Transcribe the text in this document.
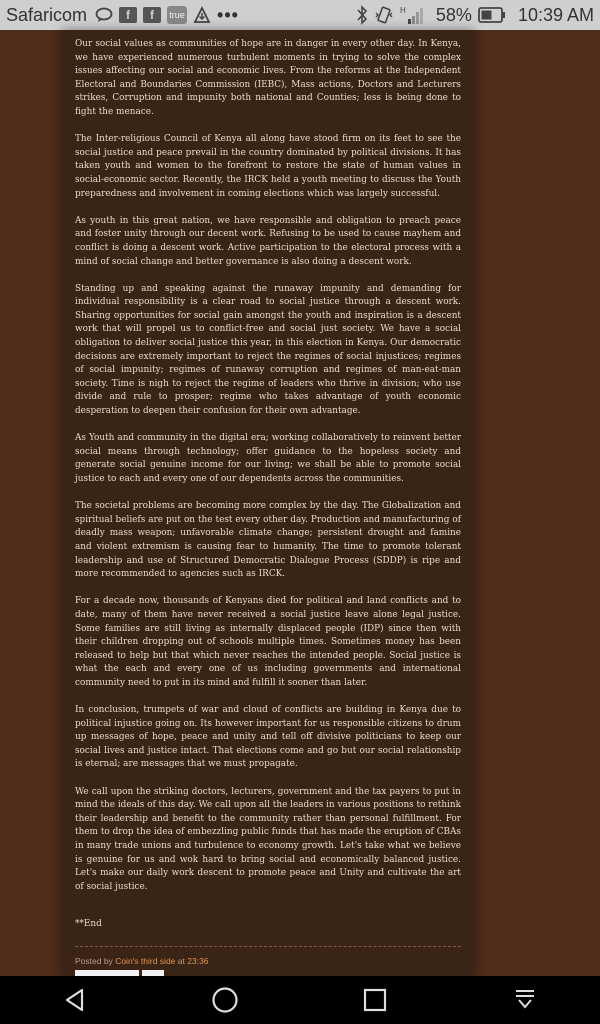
Safaricom	f	f	true •••	H 58%	10:39 AM

Our social values as communities of hope are in danger in every other day. In Kenya, we have experienced numerous turbulent moments in trying to solve the complex issues affecting our social and economic lives. From the reforms at the Independent Electoral and Boundaries Commission (IEBC), Mass actions, Doctors and Lecturers strikes, Corruption and impunity both national and Counties; less is being done to fight the menace.

The Inter-religious Council of Kenya all along have stood firm on its feet to see the social justice and peace prevail in the country dominated by political divisions. It has taken youth and women to the forefront to restore the state of human values in social-economic sector. Recently, the IRCK held a youth meeting to discuss the Youth preparedness and involvement in coming elections which was largely successful.

As youth in this great nation, we have responsible and obligation to preach peace and foster unity through our decent work. Refusing to be used to cause mayhem and conflict is doing a descent work. Active participation to the electoral process with a mind of social change and better governance is also doing a descent work.

Standing up and speaking against the runaway impunity and demanding for individual responsibility is a clear road to social justice through a descent work. Sharing opportunities for social gain amongst the youth and inspiration is a descent work that will propel us to conflict-free and social just society. We have a social obligation to deliver social justice this year, in this election in Kenya. Our democratic decisions are extremely important to reject the regimes of social injustices; regimes of social impunity; regimes of runaway corruption and regimes of man-eat-man society. Time is nigh to reject the regime of leaders who thrive in division; who use divide and rule to prosper; regime who takes advantage of youth economic desperation to deepen their confusion for their own advantage.

As Youth and community in the digital era; working collaboratively to reinvent better social means through technology; offer guidance to the hopeless society and generate social genuine income for our living; we shall be able to promote social justice to each and every one of our dependents across the communities.

The societal problems are becoming more complex by the day. The Globalization and spiritual beliefs are put on the test every other day. Production and manufacturing of deadly mass weapon; unfavorable climate change; persistent drought and famine and violent extremism is causing fear to humanity. The time to promote tolerant leadership and use of Structured Democratic Dialogue Process (SDDP) is ripe and more recommended to agencies such as IRCK.

For a decade now, thousands of Kenyans died for political and land conflicts and to date, many of them have never received a social justice leave alone legal justice. Some families are still living as internally displaced people (IDP) since then with their children dropping out of schools multiple times. Sometimes money has been released to help but that which never reaches the intended people. Social justice is what the each and every one of us including governments and international community need to put in its mind and fulfill it sooner than later.

In conclusion, trumpets of war and cloud of conflicts are building in Kenya due to political injustice going on. Its however important for us responsible citizens to drum up messages of hope, peace and unity and tell off divisive politicians to keep our social lives and justice intact. That elections come and go but our social relationship is eternal; are messages that we must propagate.

We call upon the striking doctors, lecturers, government and the tax payers to put in mind the ideals of this day. We call upon all the leaders in various positions to rethink their leadership and benefit to the community rather than personal fulfillment. For them to drop the idea of embezzling public funds that has made the eruption of CBAs in many trade unions and turbulence to economy growth. Let's take what we believe is genuine for us and wok hard to bring social and economically balanced justice. Let's make our daily work descent to promote peace and Unity and cultivate the art of social justice.

**End

Posted by Coin's third side at 23:36
